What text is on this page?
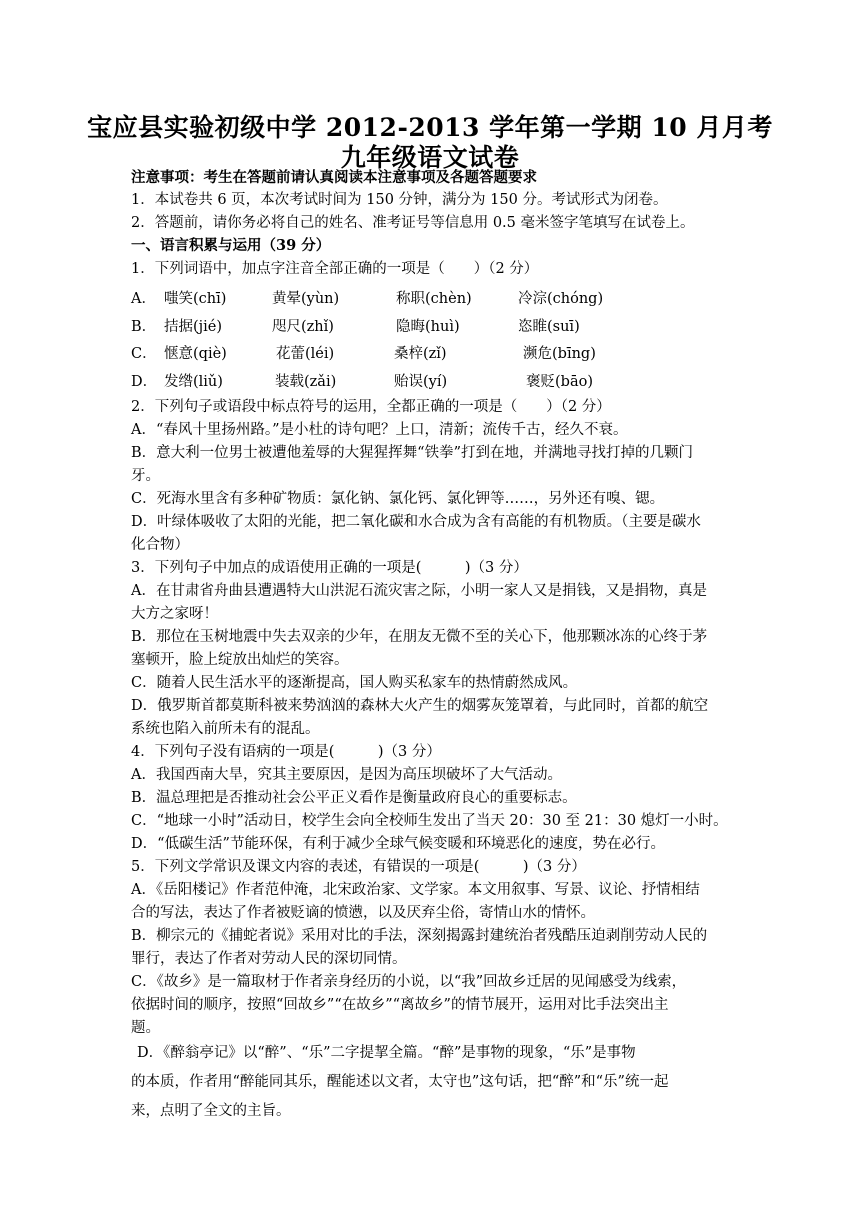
宝应县实验初级中学 2012-2013 学年第一学期 10 月月考
九年级语文试卷
注意事项：考生在答题前请认真阅读本注意事项及各题答题要求
1．本试卷共 6 页，本次考试时间为 150 分钟，满分为 150 分。考试形式为闭卷。
2．答题前，请你务必将自己的姓名、准考证号等信息用 0.5 毫米签字笔填写在试卷上。
一、语言积累与运用（39 分）
1．下列词语中，加点字注音全部正确的一项是（　　）（2 分）
A． 嗤笑(chī)	黄晕(yùn)	称职(chèn)	冷淙(chóng)
B． 拮据(jié)	咫尺(zhǐ)	隐晦(huì)	恣睢(suī)
C． 惬意(qiè)	花蕾(léi)	桑梓(zǐ)	濒危(bīng)
D． 发绺(liǔ)	装载(zǎi)	贻误(yí)	褒贬(bāo)
2．下列句子或语段中标点符号的运用，全都正确的一项是（　　）（2 分）
A．“春风十里扬州路。”是小杜的诗句吧？上口，清新；流传千古，经久不衰。
B．意大利一位男士被遭他羞辱的大猩猩挥舞“铁拳”打到在地，并满地寻找打掉的几颗门
牙。
C．死海水里含有多种矿物质：氯化钠、氯化钙、氯化钾等……，另外还有嗅、锶。
D．叶绿体吸收了太阳的光能，把二氧化碳和水合成为含有高能的有机物质。（主要是碳水
化合物）
3．下列句子中加点的成语使用正确的一项是(　　　)（3 分）
A．在甘肃省舟曲县遭遇特大山洪泥石流灾害之际，小明一家人又是捐钱，又是捐物，真是
大方之家呀！
B．那位在玉树地震中失去双亲的少年，在朋友无微不至的关心下，他那颗冰冻的心终于茅
塞顿开，脸上绽放出灿烂的笑容。
C．随着人民生活水平的逐渐提高，国人购买私家车的热情蔚然成风。
D．俄罗斯首都莫斯科被来势汹汹的森林大火产生的烟雾灰笼罩着，与此同时，首都的航空
系统也陷入前所未有的混乱。
4．下列句子没有语病的一项是(　　　)（3 分）
A．我国西南大旱，究其主要原因，是因为高压坝破坏了大气活动。
B．温总理把是否推动社会公平正义看作是衡量政府良心的重要标志。
C．“地球一小时”活动日，校学生会向全校师生发出了当天 20：30 至 21：30 熄灯一小时。
D．“低碳生活”节能环保，有利于减少全球气候变暖和环境恶化的速度，势在必行。
5．下列文学常识及课文内容的表述，有错误的一项是(　　　)（3 分）
A．《岳阳楼记》作者范仲淹，北宋政治家、文学家。本文用叙事、写景、议论、抒情相结
合的写法，表达了作者被贬谪的愤懑，以及厌弃尘俗，寄情山水的情怀。
B．柳宗元的《捕蛇者说》采用对比的手法，深刻揭露封建统治者残酷压迫剥削劳动人民的
罪行，表达了作者对劳动人民的深切同情。
C．《故乡》是一篇取材于作者亲身经历的小说，以“我”回故乡迁居的见闻感受为线索，
依据时间的顺序，按照“回故乡”“在故乡”“离故乡”的情节展开，运用对比手法突出主
题。
D．《醉翁亭记》以“醉”、“乐”二字提挈全篇。“醉”是事物的现象，“乐”是事物
的本质，作者用“醉能同其乐，醒能述以文者，太守也”这句话，把“醉”和“乐”统一起
来，点明了全文的主旨。
